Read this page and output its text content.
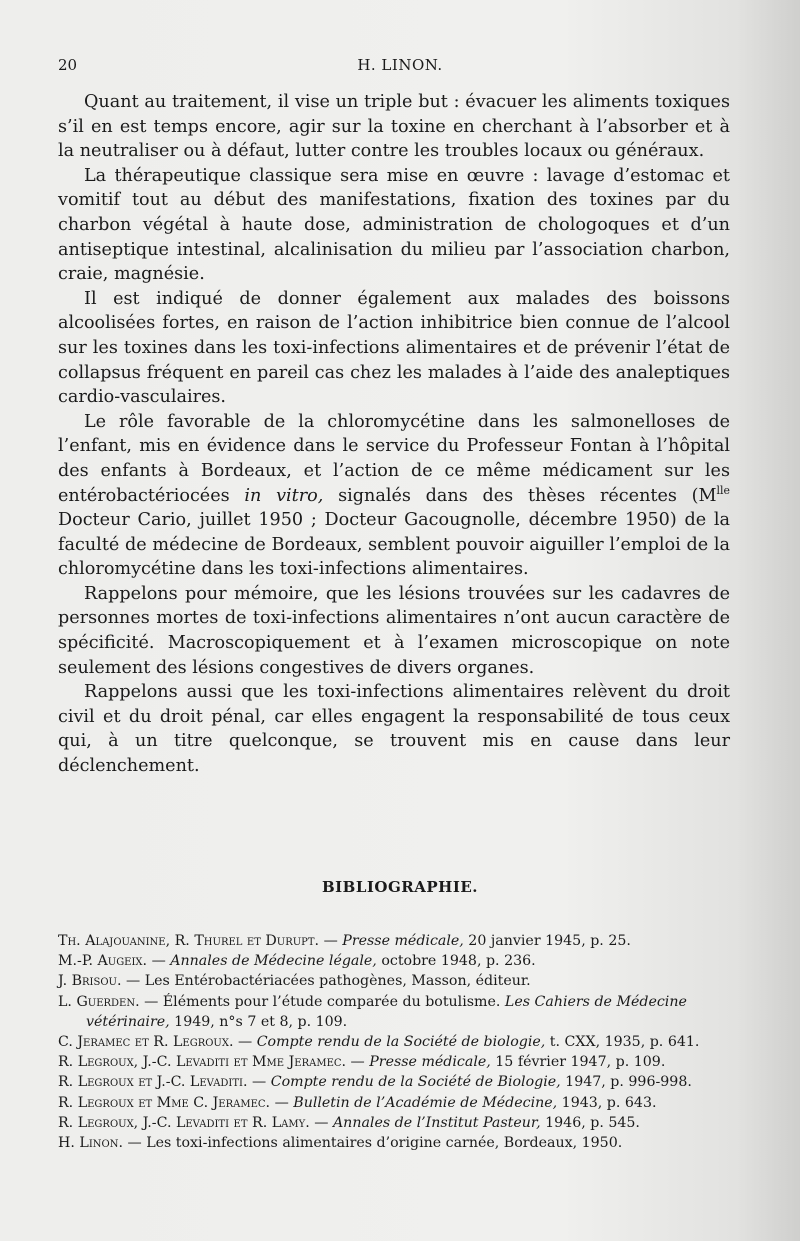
20	H. LINON.

Quant au traitement, il vise un triple but : évacuer les aliments toxiques s’il en est temps encore, agir sur la toxine en cherchant à l’absorber et à la neutraliser ou à défaut, lutter contre les troubles locaux ou généraux.

La thérapeutique classique sera mise en œuvre : lavage d’estomac et vomitif tout au début des manifestations, fixation des toxines par du charbon végétal à haute dose, administration de chologoques et d’un antiseptique intestinal, alcalinisation du milieu par l’association charbon, craie, magnésie.

Il est indiqué de donner également aux malades des boissons alcoolisées fortes, en raison de l’action inhibitrice bien connue de l’alcool sur les toxines dans les toxi-infections alimentaires et de prévenir l’état de collapsus fréquent en pareil cas chez les malades à l’aide des analeptiques cardio-vasculaires.

Le rôle favorable de la chloromycétine dans les salmonelloses de l’enfant, mis en évidence dans le service du Professeur Fontan à l’hôpital des enfants à Bordeaux, et l’action de ce même médicament sur les entérobactériocées in vitro, signalés dans des thèses récentes ($M^{lle}$ Docteur Cario, juillet 1950 ; Docteur Gacougnolle, décembre 1950) de la faculté de médecine de Bordeaux, semblent pouvoir aiguiller l’emploi de la chloromycétine dans les toxi-infections alimentaires.

Rappelons pour mémoire, que les lésions trouvées sur les cadavres de personnes mortes de toxi-infections alimentaires n’ont aucun caractère de spécificité. Macroscopiquement et à l’examen microscopique on note seulement des lésions congestives de divers organes.

Rappelons aussi que les toxi-infections alimentaires relèvent du droit civil et du droit pénal, car elles engagent la responsabilité de tous ceux qui, à un titre quelconque, se trouvent mis en cause dans leur déclenchement.

BIBLIOGRAPHIE.

Th. Alajouanine, R. Thurel et Durupt. — Presse médicale, 20 janvier 1945, p. 25.

M.-P. Augeix. — Annales de Médecine légale, octobre 1948, p. 236.

J. Brisou. — Les Entérobactériacées pathogènes, Masson, éditeur.

L. Guerden. — Éléments pour l’étude comparée du botulisme. Les Cahiers de Médecine vétérinaire, 1949, n°s 7 et 8, p. 109.

C. Jeramec et R. Legroux. — Compte rendu de la Société de biologie, t. CXX, 1935, p. 641.

R. Legroux, J.-C. Levaditi et Mme Jeramec. — Presse médicale, 15 février 1947, p. 109.

R. Legroux et J.-C. Levaditi. — Compte rendu de la Société de Biologie, 1947, p. 996-998.

R. Legroux et Mme C. Jeramec. — Bulletin de l’Académie de Médecine, 1943, p. 643.

R. Legroux, J.-C. Levaditi et R. Lamy. — Annales de l’Institut Pasteur, 1946, p. 545.

H. Linon. — Les toxi-infections alimentaires d’origine carnée, Bordeaux, 1950.
